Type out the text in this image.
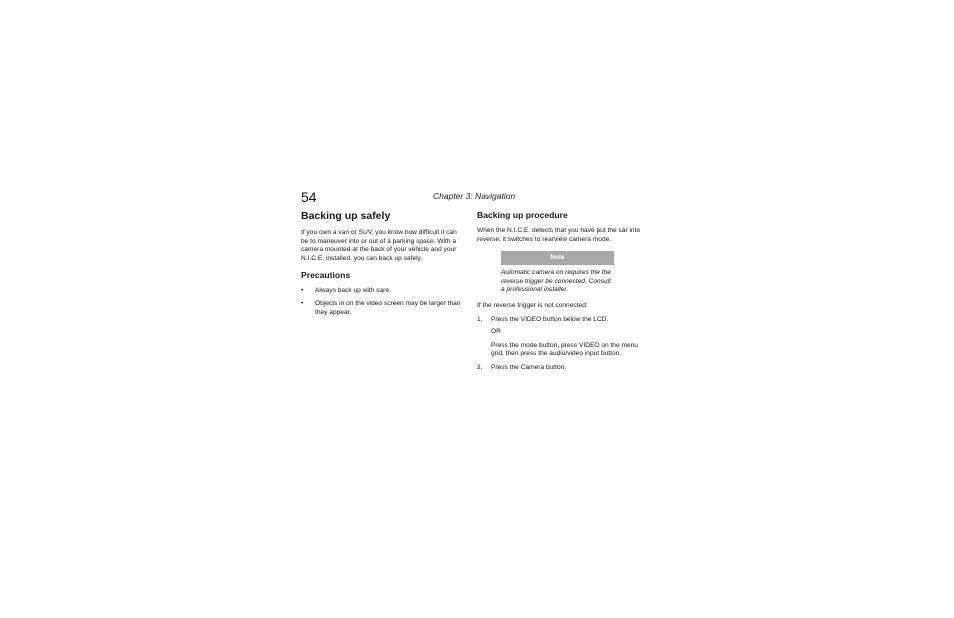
54	Chapter 3: Navigation
Backing up safely

If you own a van or SUV, you know how difficult it can be to maneuver into or out of a parking space. With a camera mounted at the back of your vehicle and your N.I.C.E. installed, you can back up safely.

Precautions
• Always back up with care.
• Objects in on the video screen may be larger than they appear.
Backing up procedure

When the N.I.C.E. detects that you have put the car into reverse, it switches to rearview camera mode.

Note
Automatic camera on requires the the reverse trigger be connected. Consult a professional installer.

If the reverse trigger is not connected:

1. Press the VIDEO button below the LCD.
OR
Press the mode button, press VIDEO on the menu grid, then press the audio/video input button.
2. Press the Camera button.
